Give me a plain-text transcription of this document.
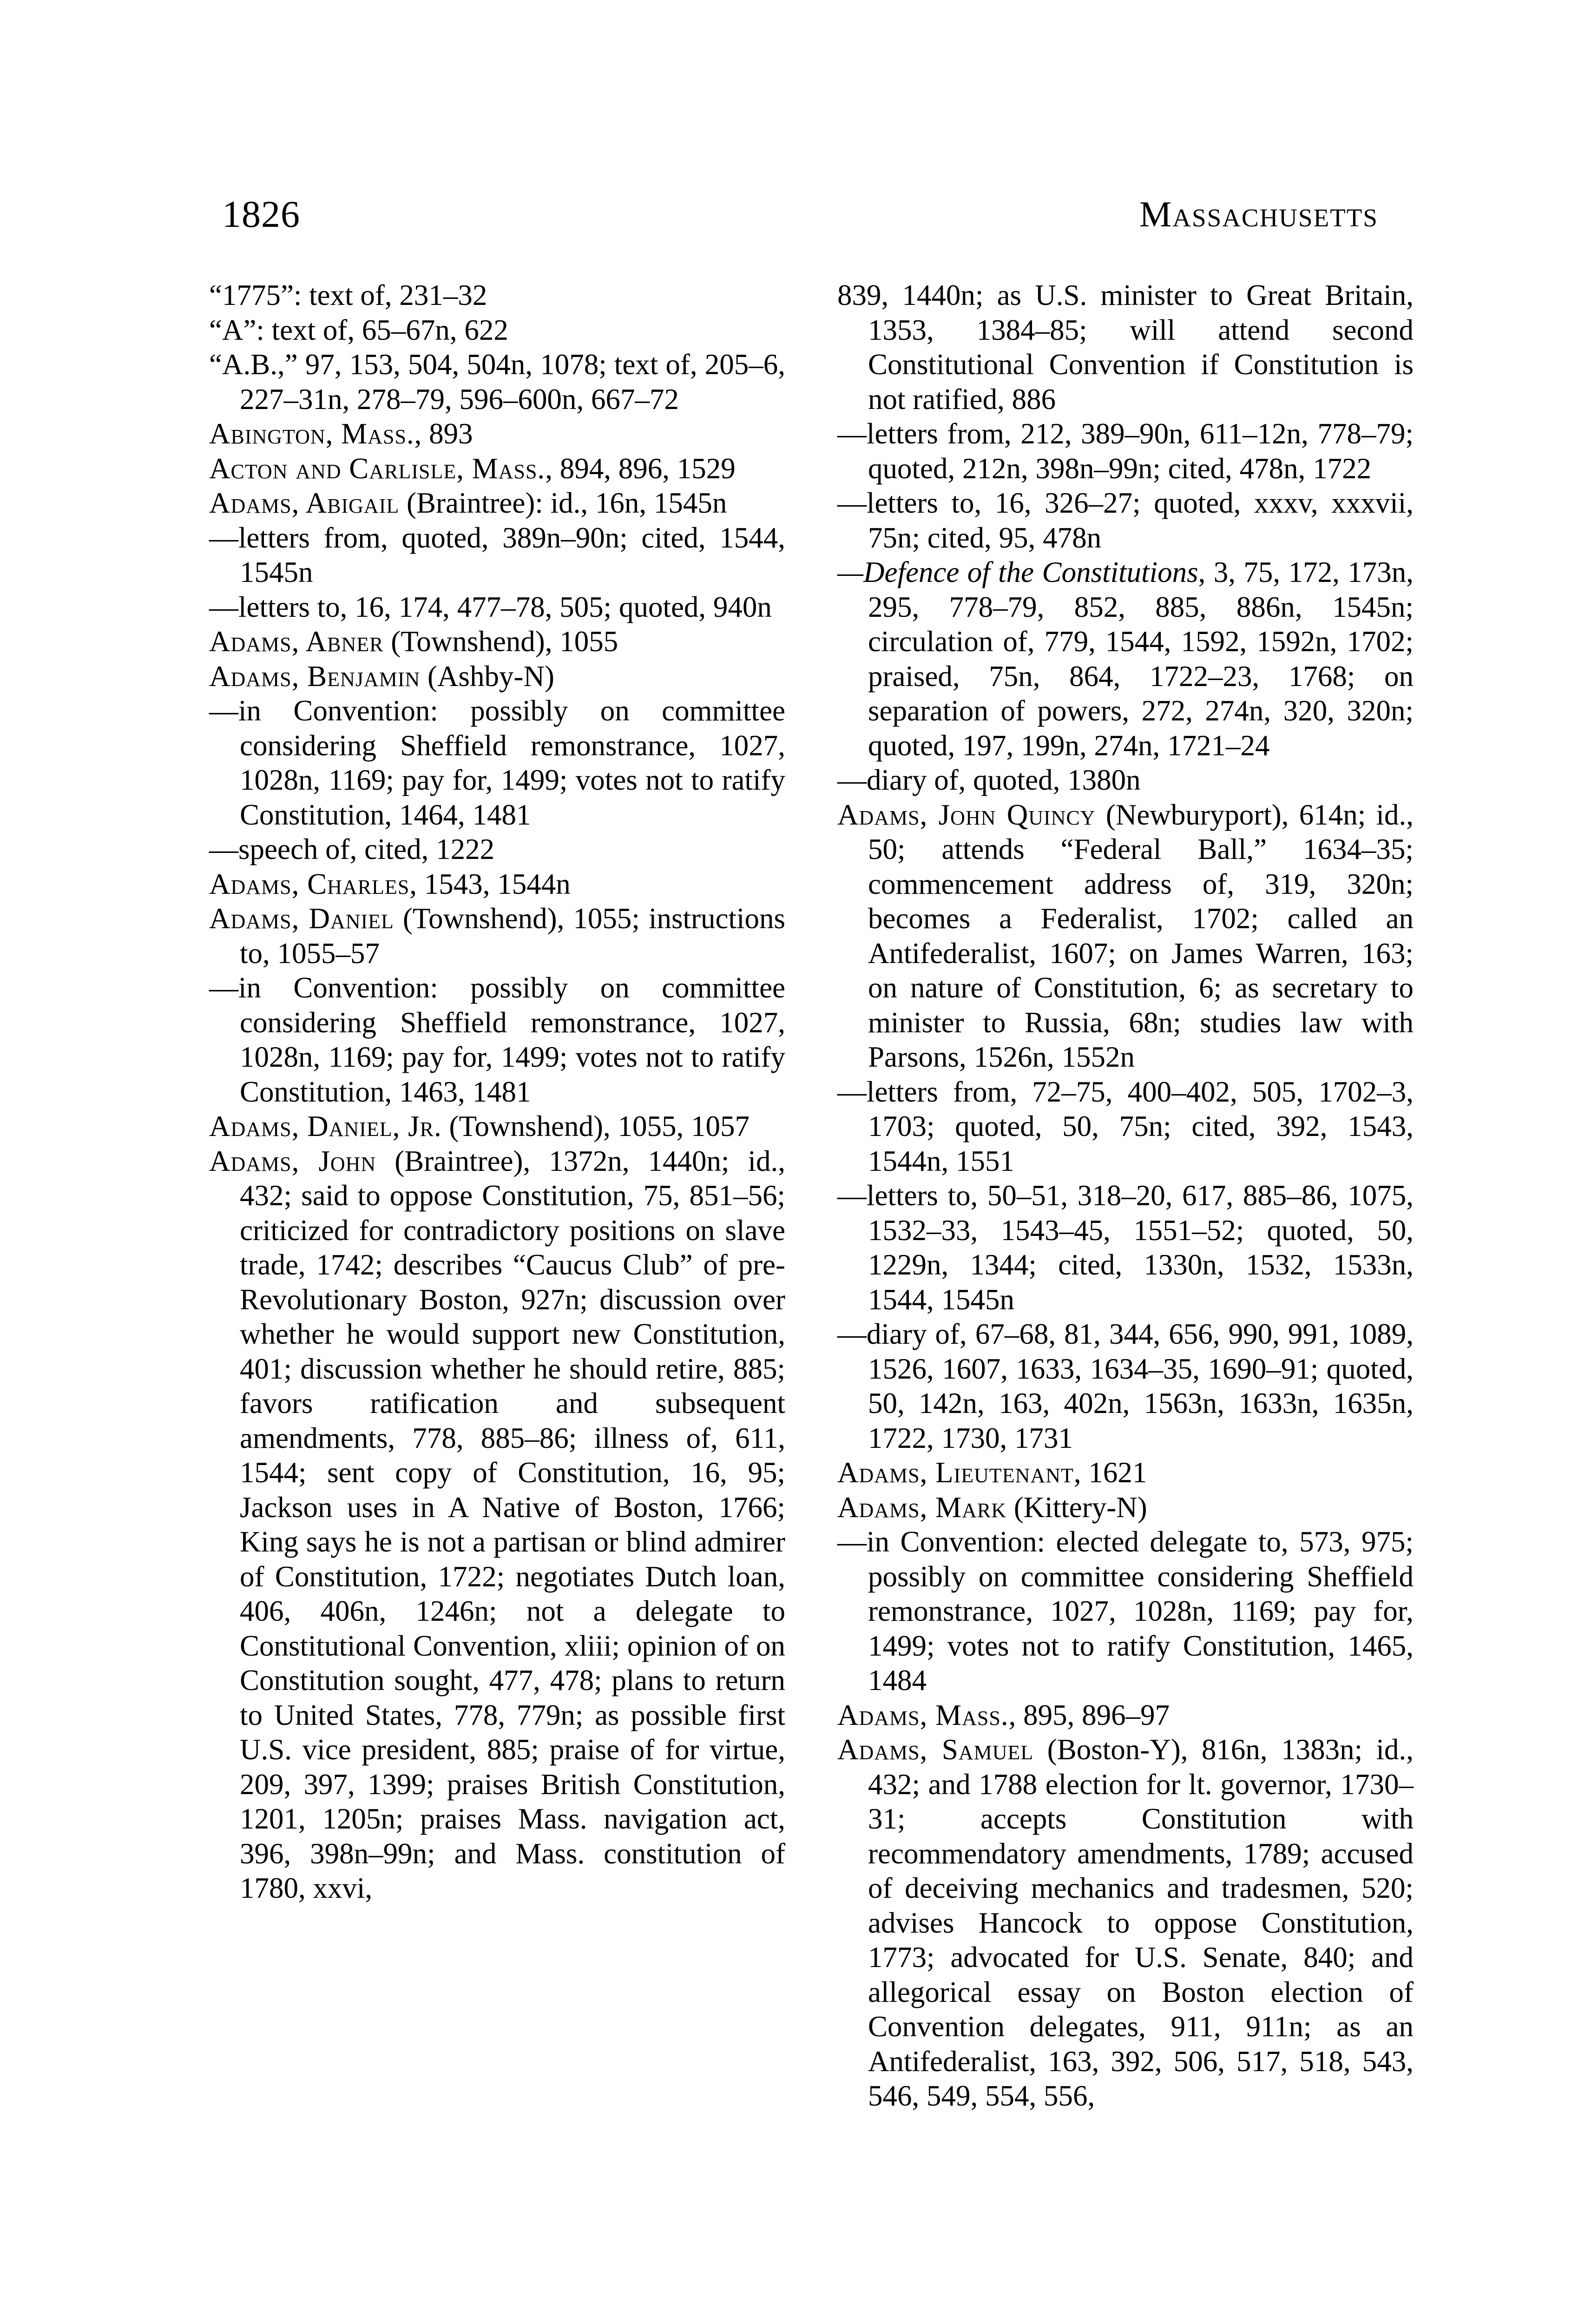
1826	Massachusetts

“1775”: text of, 231–32

“A”: text of, 65–67n, 622

“A.B.,” 97, 153, 504, 504n, 1078; text of, 205–6, 227–31n, 278–79, 596–600n, 667–72

Abington, Mass., 893

Acton and Carlisle, Mass., 894, 896, 1529

Adams, Abigail (Braintree): id., 16n, 1545n

—letters from, quoted, 389n–90n; cited, 1544, 1545n

—letters to, 16, 174, 477–78, 505; quoted, 940n

Adams, Abner (Townshend), 1055

Adams, Benjamin (Ashby-N)

—in Convention: possibly on committee considering Sheffield remonstrance, 1027, 1028n, 1169; pay for, 1499; votes not to ratify Constitution, 1464, 1481

—speech of, cited, 1222

Adams, Charles, 1543, 1544n

Adams, Daniel (Townshend), 1055; instructions to, 1055–57

—in Convention: possibly on committee considering Sheffield remonstrance, 1027, 1028n, 1169; pay for, 1499; votes not to ratify Constitution, 1463, 1481

Adams, Daniel, Jr. (Townshend), 1055, 1057

Adams, John (Braintree), 1372n, 1440n; id., 432; said to oppose Constitution, 75, 851–56; criticized for contradictory positions on slave trade, 1742; describes “Caucus Club” of pre-Revolutionary Boston, 927n; discussion over whether he would support new Constitution, 401; discussion whether he should retire, 885; favors ratification and subsequent amendments, 778, 885–86; illness of, 611, 1544; sent copy of Constitution, 16, 95; Jackson uses in A Native of Boston, 1766; King says he is not a partisan or blind admirer of Constitution, 1722; negotiates Dutch loan, 406, 406n, 1246n; not a delegate to Constitutional Convention, xliii; opinion of on Constitution sought, 477, 478; plans to return to United States, 778, 779n; as possible first U.S. vice president, 885; praise of for virtue, 209, 397, 1399; praises British Constitution, 1201, 1205n; praises Mass. navigation act, 396, 398n–99n; and Mass. constitution of 1780, xxvi,

839, 1440n; as U.S. minister to Great Britain, 1353, 1384–85; will attend second Constitutional Convention if Constitution is not ratified, 886

—letters from, 212, 389–90n, 611–12n, 778–79; quoted, 212n, 398n–99n; cited, 478n, 1722

—letters to, 16, 326–27; quoted, xxxv, xxxvii, 75n; cited, 95, 478n

—Defence of the Constitutions, 3, 75, 172, 173n, 295, 778–79, 852, 885, 886n, 1545n; circulation of, 779, 1544, 1592, 1592n, 1702; praised, 75n, 864, 1722–23, 1768; on separation of powers, 272, 274n, 320, 320n; quoted, 197, 199n, 274n, 1721–24

—diary of, quoted, 1380n

Adams, John Quincy (Newburyport), 614n; id., 50; attends “Federal Ball,” 1634–35; commencement address of, 319, 320n; becomes a Federalist, 1702; called an Antifederalist, 1607; on James Warren, 163; on nature of Constitution, 6; as secretary to minister to Russia, 68n; studies law with Parsons, 1526n, 1552n

—letters from, 72–75, 400–402, 505, 1702–3, 1703; quoted, 50, 75n; cited, 392, 1543, 1544n, 1551

—letters to, 50–51, 318–20, 617, 885–86, 1075, 1532–33, 1543–45, 1551–52; quoted, 50, 1229n, 1344; cited, 1330n, 1532, 1533n, 1544, 1545n

—diary of, 67–68, 81, 344, 656, 990, 991, 1089, 1526, 1607, 1633, 1634–35, 1690–91; quoted, 50, 142n, 163, 402n, 1563n, 1633n, 1635n, 1722, 1730, 1731

Adams, Lieutenant, 1621

Adams, Mark (Kittery-N)

—in Convention: elected delegate to, 573, 975; possibly on committee considering Sheffield remonstrance, 1027, 1028n, 1169; pay for, 1499; votes not to ratify Constitution, 1465, 1484

Adams, Mass., 895, 896–97

Adams, Samuel (Boston-Y), 816n, 1383n; id., 432; and 1788 election for lt. governor, 1730–31; accepts Constitution with recommendatory amendments, 1789; accused of deceiving mechanics and tradesmen, 520; advises Hancock to oppose Constitution, 1773; advocated for U.S. Senate, 840; and allegorical essay on Boston election of Convention delegates, 911, 911n; as an Antifederalist, 163, 392, 506, 517, 518, 543, 546, 549, 554, 556,
